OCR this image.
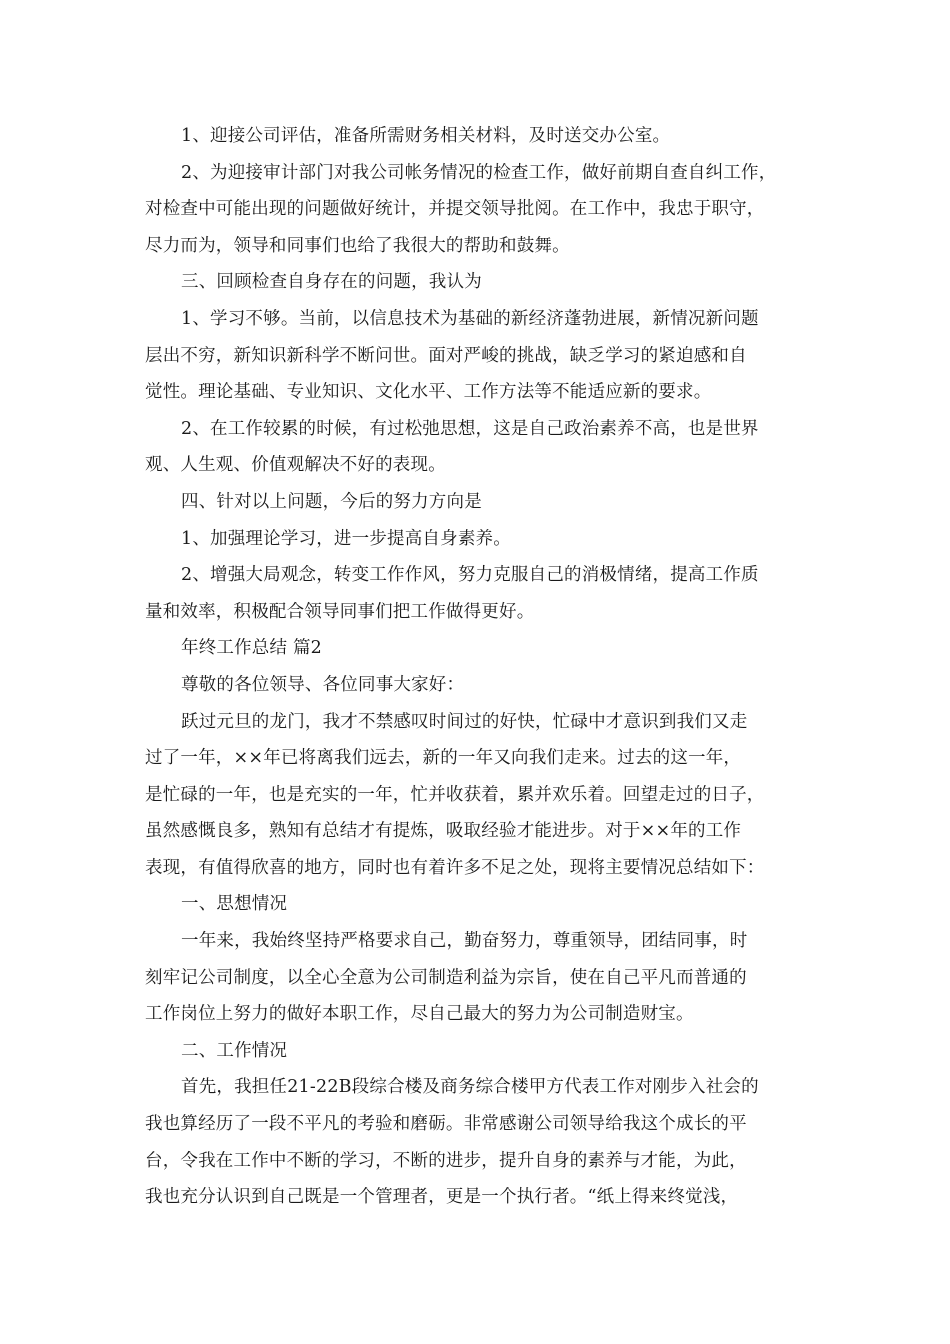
1、迎接公司评估，准备所需财务相关材料，及时送交办公室。
2、为迎接审计部门对我公司帐务情况的检查工作，做好前期自查自纠工作，
对检查中可能出现的问题做好统计，并提交领导批阅。在工作中，我忠于职守，
尽力而为，领导和同事们也给了我很大的帮助和鼓舞。
三、回顾检查自身存在的问题，我认为
1、学习不够。当前，以信息技术为基础的新经济蓬勃进展，新情况新问题
层出不穷，新知识新科学不断问世。面对严峻的挑战，缺乏学习的紧迫感和自
觉性。理论基础、专业知识、文化水平、工作方法等不能适应新的要求。
2、在工作较累的时候，有过松弛思想，这是自己政治素养不高，也是世界
观、人生观、价值观解决不好的表现。
四、针对以上问题，今后的努力方向是
1、加强理论学习，进一步提高自身素养。
2、增强大局观念，转变工作作风，努力克服自己的消极情绪，提高工作质
量和效率，积极配合领导同事们把工作做得更好。
年终工作总结 篇2
尊敬的各位领导、各位同事大家好：
跃过元旦的龙门，我才不禁感叹时间过的好快，忙碌中才意识到我们又走
过了一年，××年已将离我们远去，新的一年又向我们走来。过去的这一年，
是忙碌的一年，也是充实的一年，忙并收获着，累并欢乐着。回望走过的日子，
虽然感慨良多，熟知有总结才有提炼，吸取经验才能进步。对于××年的工作
表现，有值得欣喜的地方，同时也有着许多不足之处，现将主要情况总结如下：
一、思想情况
一年来，我始终坚持严格要求自己，勤奋努力，尊重领导，团结同事，时
刻牢记公司制度，以全心全意为公司制造利益为宗旨，使在自己平凡而普通的
工作岗位上努力的做好本职工作，尽自己最大的努力为公司制造财宝。
二、工作情况
首先，我担任21-22B段综合楼及商务综合楼甲方代表工作对刚步入社会的
我也算经历了一段不平凡的考验和磨砺。非常感谢公司领导给我这个成长的平
台，令我在工作中不断的学习，不断的进步，提升自身的素养与才能，为此，
我也充分认识到自己既是一个管理者，更是一个执行者。“纸上得来终觉浅，
